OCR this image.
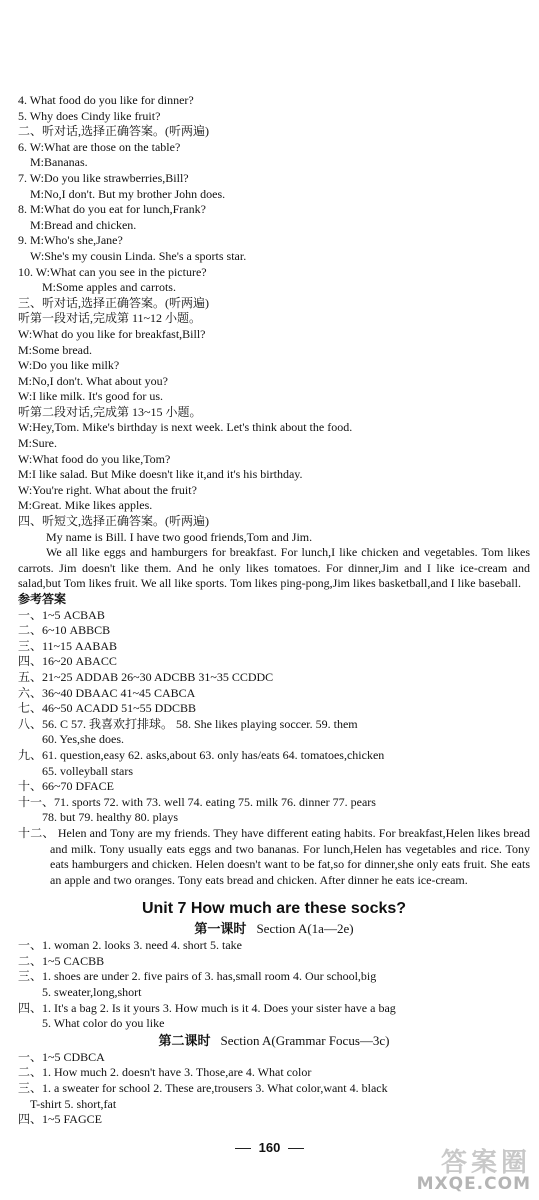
4. What food do you like for dinner?
5. Why does Cindy like fruit?
二、听对话,选择正确答案。(听两遍)
6. W:What are those on the table?
M:Bananas.
7. W:Do you like strawberries,Bill?
M:No,I don't. But my brother John does.
8. M:What do you eat for lunch,Frank?
M:Bread and chicken.
9. M:Who's she,Jane?
W:She's my cousin Linda. She's a sports star.
10. W:What can you see in the picture?
M:Some apples and carrots.
三、听对话,选择正确答案。(听两遍)
听第一段对话,完成第 11~12 小题。
W:What do you like for breakfast,Bill?
M:Some bread.
W:Do you like milk?
M:No,I don't. What about you?
W:I like milk. It's good for us.
听第二段对话,完成第 13~15 小题。
W:Hey,Tom. Mike's birthday is next week. Let's think about the food.
M:Sure.
W:What food do you like,Tom?
M:I like salad. But Mike doesn't like it,and it's his birthday.
W:You're right. What about the fruit?
M:Great. Mike likes apples.
四、听短文,选择正确答案。(听两遍)
My name is Bill. I have two good friends,Tom and Jim.
We all like eggs and hamburgers for breakfast. For lunch,I like chicken and vegetables. Tom likes carrots. Jim doesn't like them. And he only likes tomatoes. For dinner,Jim and I like ice-cream and salad,but Tom likes fruit. We all like sports. Tom likes ping-pong,Jim likes basketball,and I like baseball.
参考答案
一、1~5 ACBAB
二、6~10 ABBCB
三、11~15 AABAB
四、16~20 ABACC
五、21~25 ADDAB 26~30 ADCBB 31~35 CCDDC
六、36~40 DBAAC 41~45 CABCA
七、46~50 ACADD 51~55 DDCBB
八、56. C 57. 我喜欢打排球。 58. She likes playing soccer. 59. them
60. Yes,she does.
九、61. question,easy 62. asks,about 63. only has/eats 64. tomatoes,chicken
65. volleyball stars
十、66~70 DFACE
十一、71. sports 72. with 73. well 74. eating 75. milk 76. dinner 77. pears
78. but 79. healthy 80. plays
十二、 Helen and Tony are my friends. They have different eating habits. For breakfast,Helen likes bread and milk. Tony usually eats eggs and two bananas. For lunch,Helen has vegetables and rice. Tony eats hamburgers and chicken. Helen doesn't want to be fat,so for dinner,she only eats fruit. She eats an apple and two oranges. Tony eats bread and chicken. After dinner he eats ice-cream.
Unit 7 How much are these socks?
第一课时 Section A(1a—2e)
一、1. woman 2. looks 3. need 4. short 5. take
二、1~5 CACBB
三、1. shoes are under 2. five pairs of 3. has,small room 4. Our school,big
5. sweater,long,short
四、1. It's a bag 2. Is it yours 3. How much is it 4. Does your sister have a bag
5. What color do you like
第二课时 Section A(Grammar Focus—3c)
一、1~5 CDBCA
二、1. How much 2. doesn't have 3. Those,are 4. What color
三、1. a sweater for school 2. These are,trousers 3. What color,want 4. black
T-shirt 5. short,fat
四、1~5 FAGCE
160
答案圈
MXQE.COM
